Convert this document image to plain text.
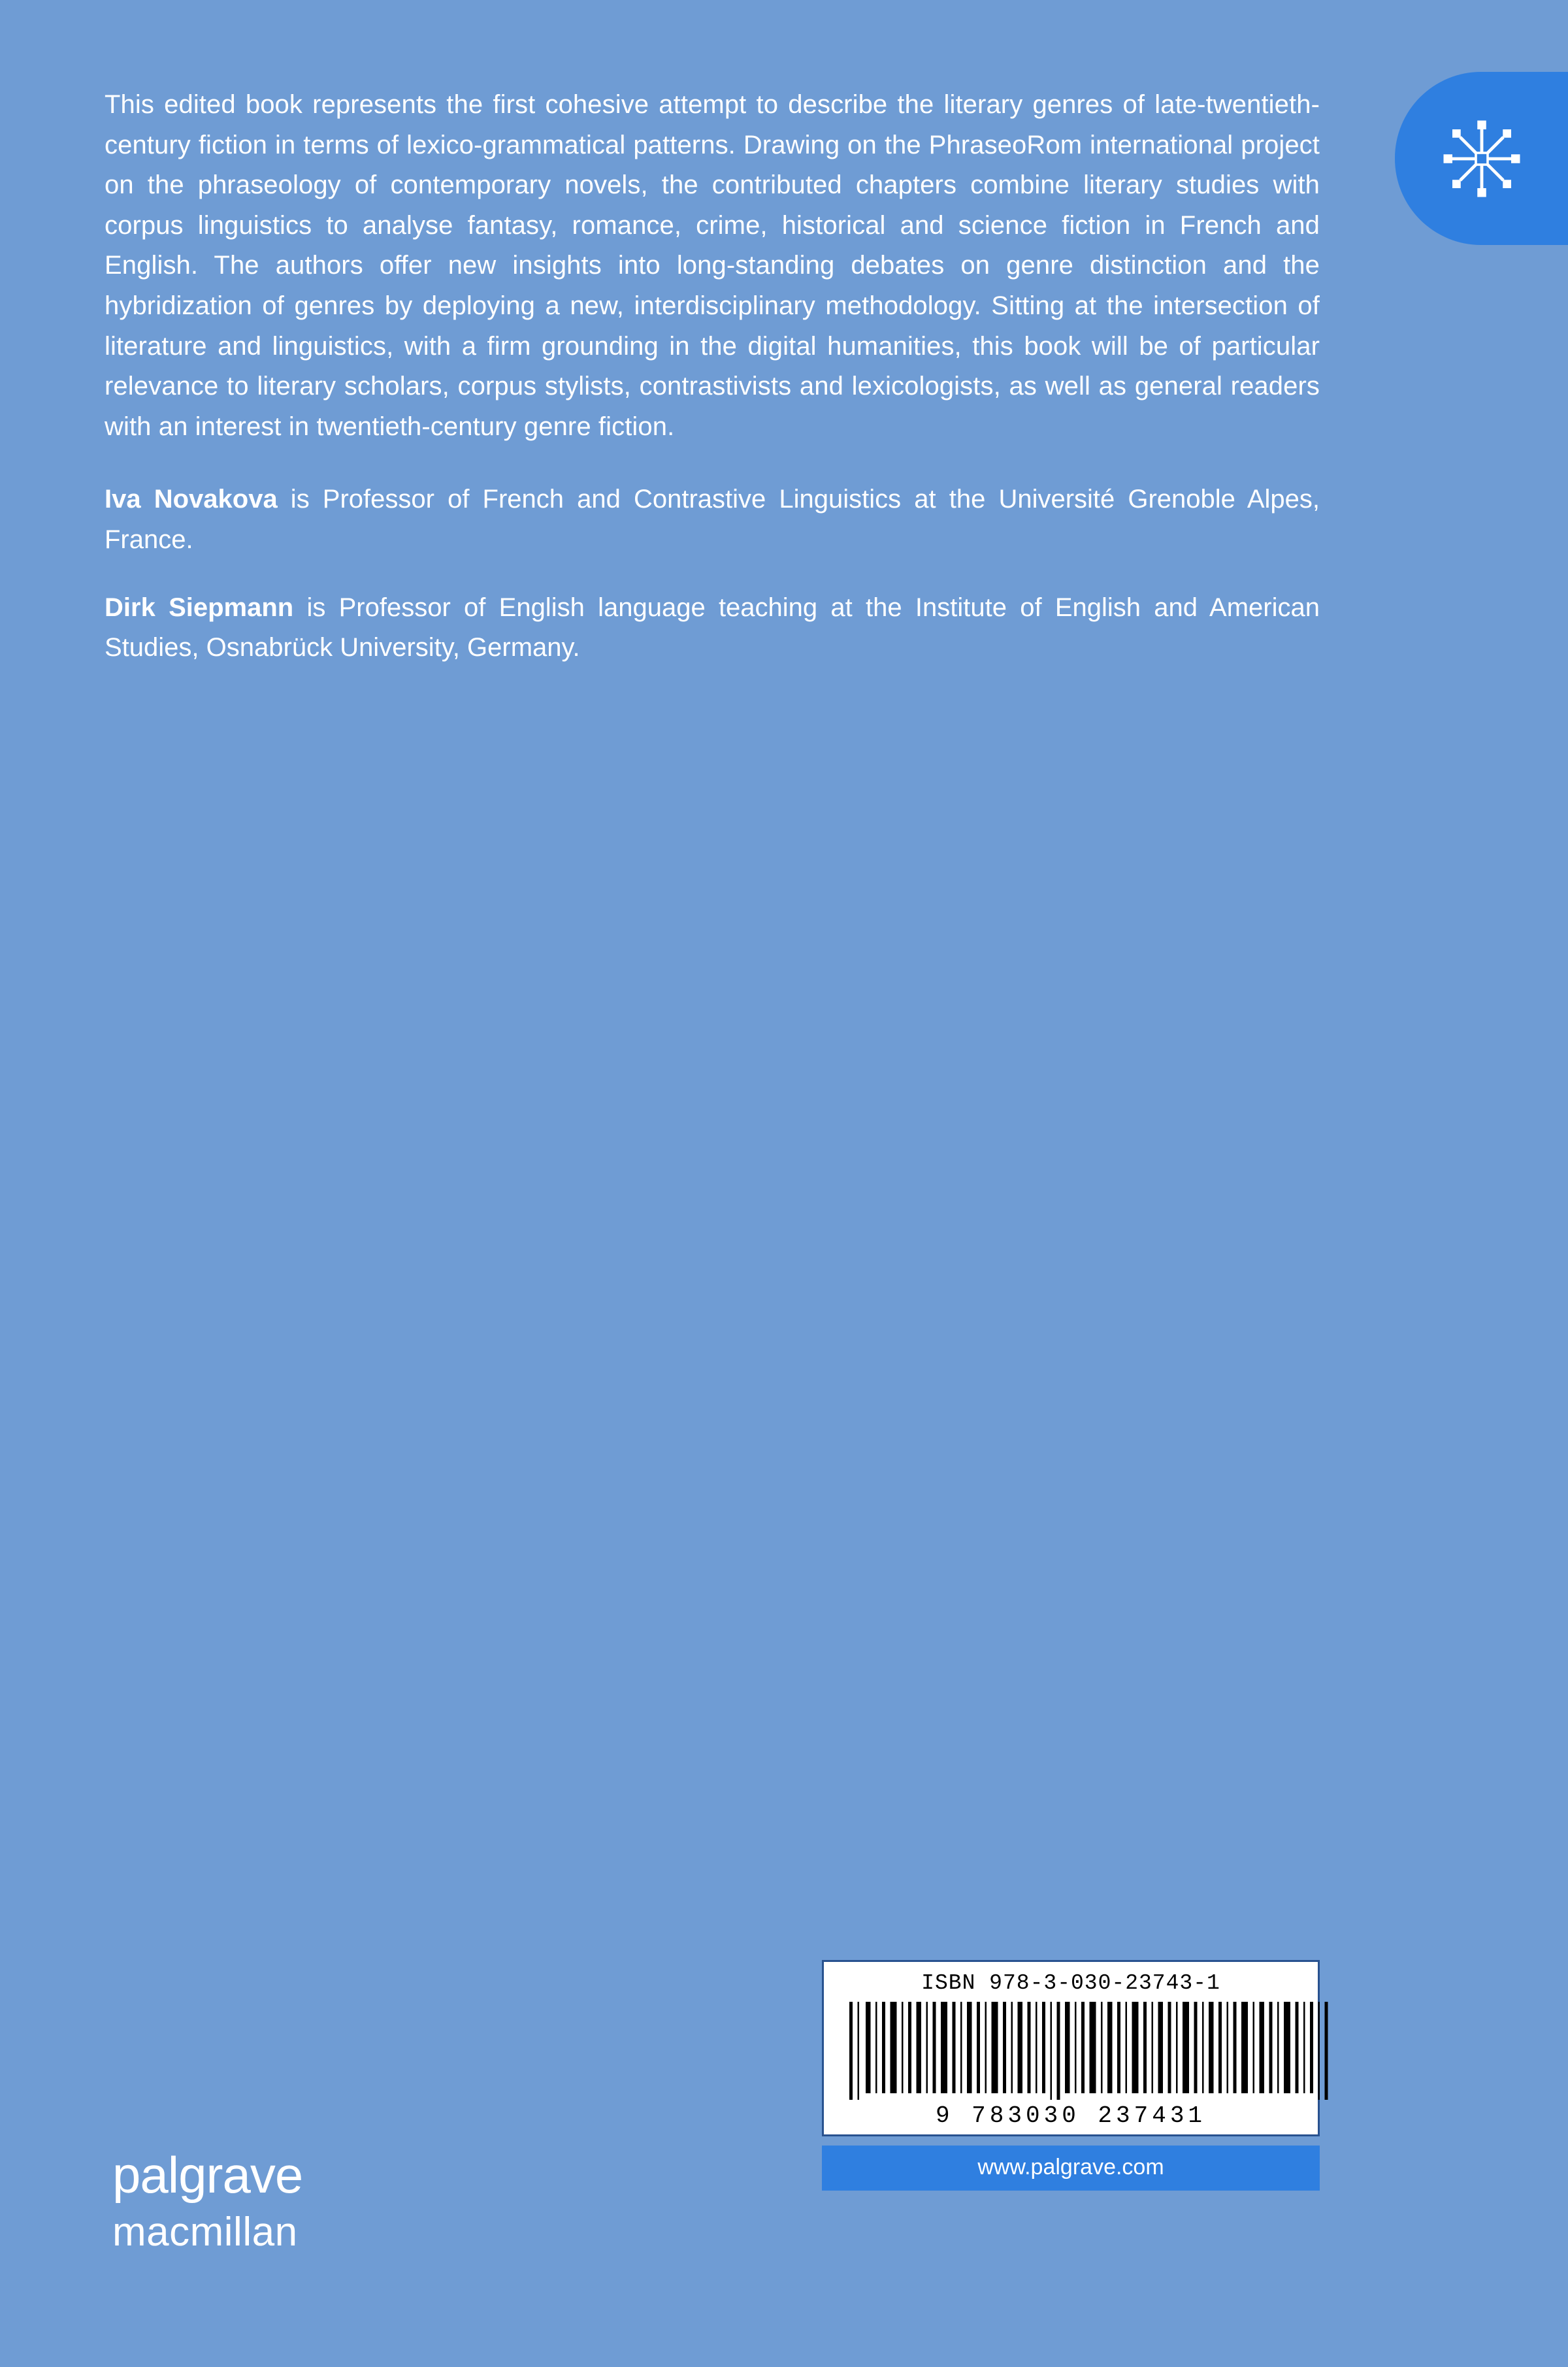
This edited book represents the first cohesive attempt to describe the literary genres of late-twentieth-century fiction in terms of lexico-grammatical patterns. Drawing on the PhraseoRom international project on the phraseology of contemporary novels, the contributed chapters combine literary studies with corpus linguistics to analyse fantasy, romance, crime, historical and science fiction in French and English. The authors offer new insights into long-standing debates on genre distinction and the hybridization of genres by deploying a new, interdisciplinary methodology. Sitting at the intersection of literature and linguistics, with a firm grounding in the digital humanities, this book will be of particular relevance to literary scholars, corpus stylists, contrastivists and lexicologists, as well as general readers with an interest in twentieth-century genre fiction.

Iva Novakova is Professor of French and Contrastive Linguistics at the Université Grenoble Alpes, France.
Dirk Siepmann is Professor of English language teaching at the Institute of English and American Studies, Osnabrück University, Germany.
ISBN 978-3-030-23743-1
9 783030 237431
www.palgrave.com
palgrave
macmillan
